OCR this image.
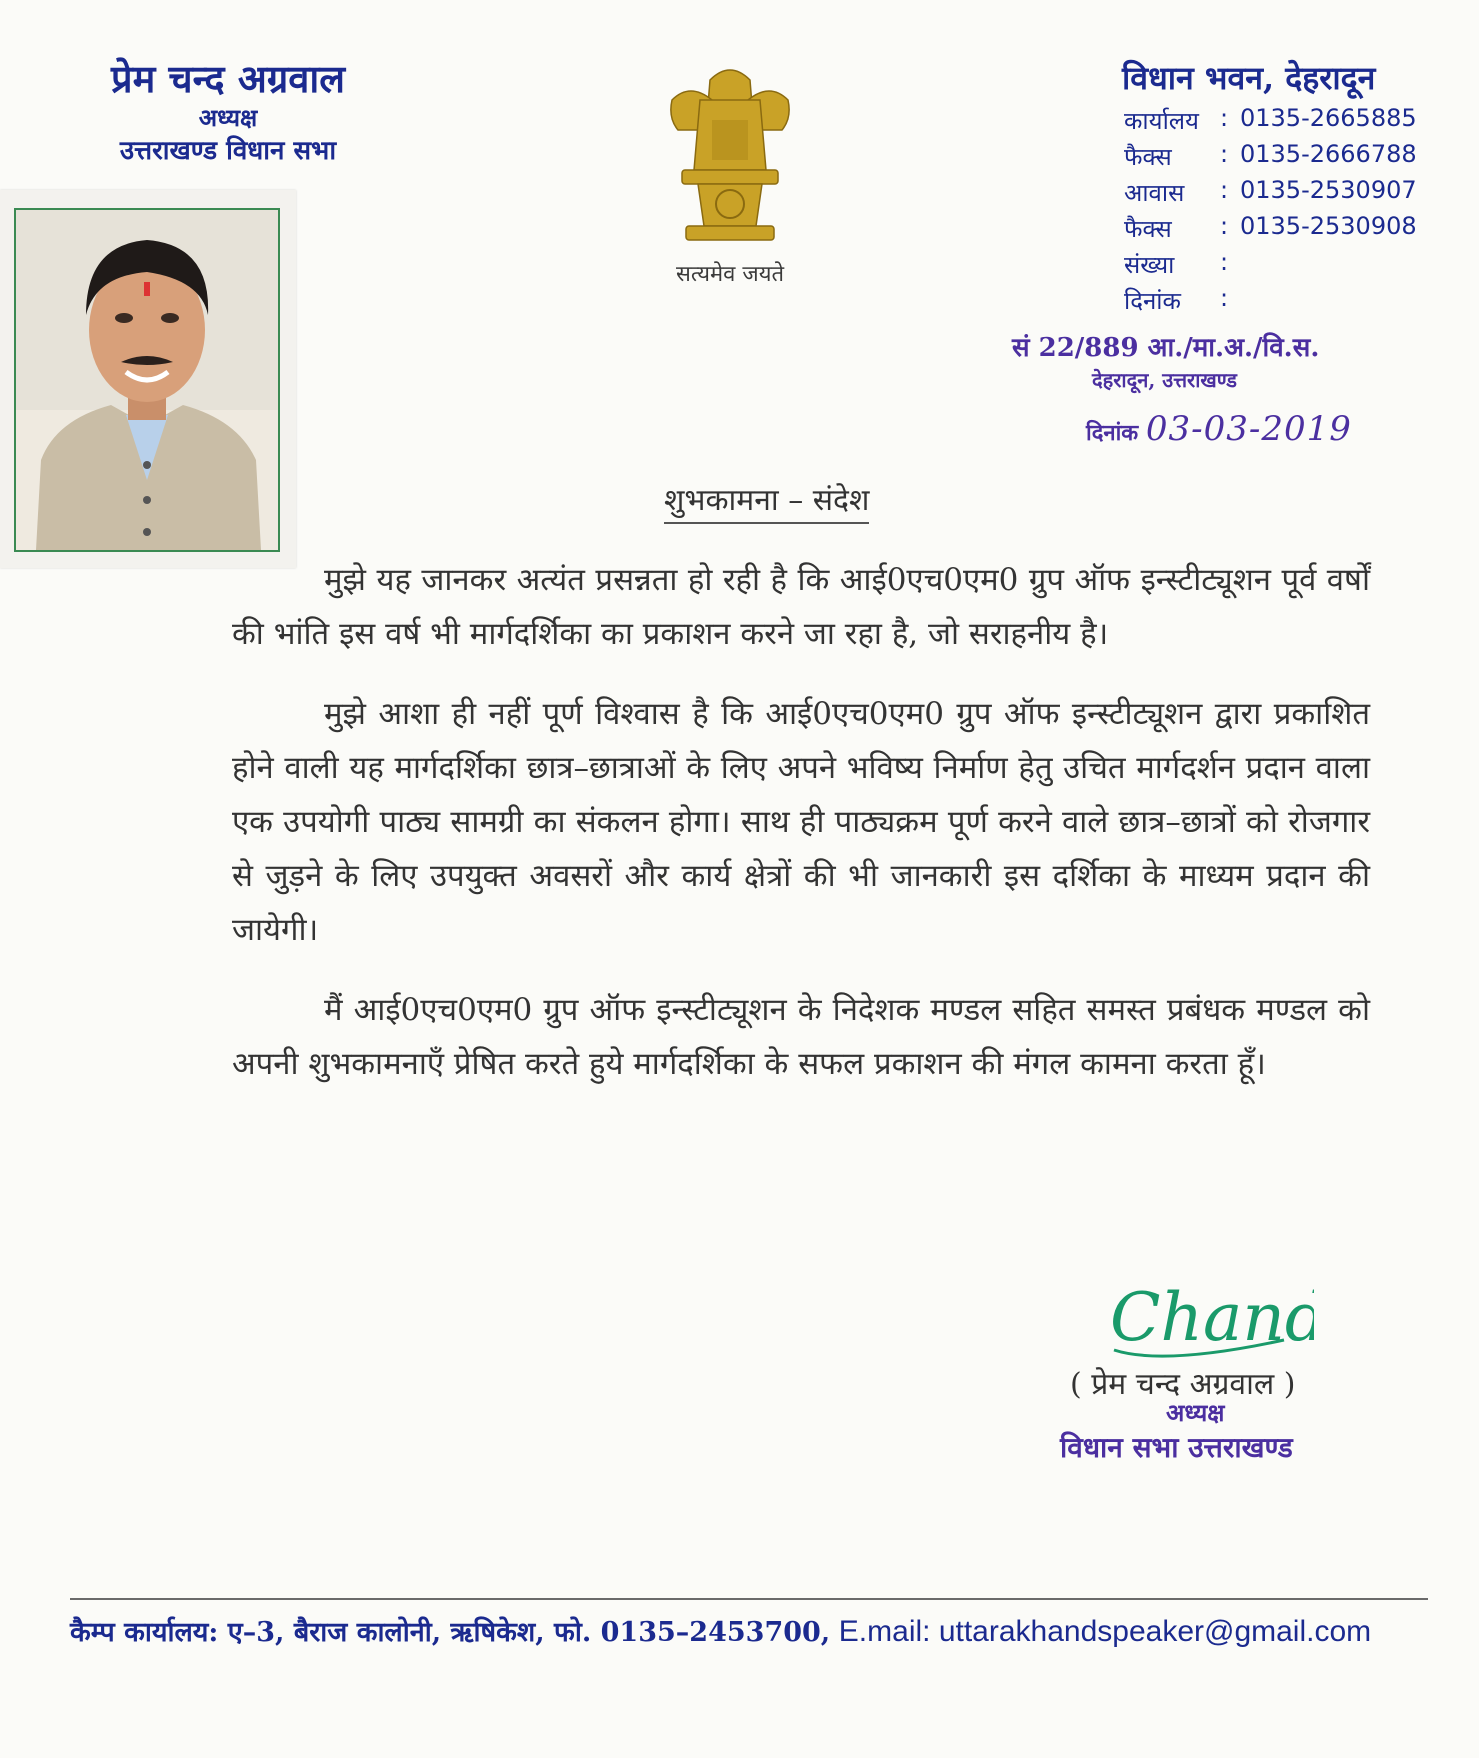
प्रेम चन्द अग्रवाल
अध्यक्ष
उत्तराखण्ड विधान सभा
सत्यमेव जयते
विधान भवन, देहरादून
कार्यालय : 0135-2665885
फैक्स	: 0135-2666788
आवास	: 0135-2530907
फैक्स	: 0135-2530908
संख्या	:
दिनांक	:
सं 22/889 आ./मा.अ./वि.स.
देहरादून, उत्तराखण्ड
दिनांक 03-03-2019
शुभकामना – संदेश

मुझे यह जानकर अत्यंत प्रसन्नता हो रही है कि आई0एच0एम0 ग्रुप ऑफ इन्स्टीट्यूशन पूर्व वर्षों की भांति इस वर्ष भी मार्गदर्शिका का प्रकाशन करने जा रहा है, जो सराहनीय है।

मुझे आशा ही नहीं पूर्ण विश्वास है कि आई0एच0एम0 ग्रुप ऑफ इन्स्टीट्यूशन द्वारा प्रकाशित होने वाली यह मार्गदर्शिका छात्र–छात्राओं के लिए अपने भविष्य निर्माण हेतु उचित मार्गदर्शन प्रदान वाला एक उपयोगी पाठ्य सामग्री का संकलन होगा। साथ ही पाठ्यक्रम पूर्ण करने वाले छात्र–छात्रों को रोजगार से जुड़ने के लिए उपयुक्त अवसरों और कार्य क्षेत्रों की भी जानकारी इस दर्शिका के माध्यम प्रदान की जायेगी।

मैं आई0एच0एम0 ग्रुप ऑफ इन्स्टीट्यूशन के निदेशक मण्डल सहित समस्त प्रबंधक मण्डल को अपनी शुभकामनाएँ प्रेषित करते हुये मार्गदर्शिका के सफल प्रकाशन की मंगल कामना करता हूँ।

Chand
( प्रेम चन्द अग्रवाल )
अध्यक्ष
विधान सभा उत्तराखण्ड
कैम्प कार्यालय: ए–3, बैराज कालोनी, ऋषिकेश, फो. 0135–2453700, E.mail: uttarakhandspeaker@gmail.com
